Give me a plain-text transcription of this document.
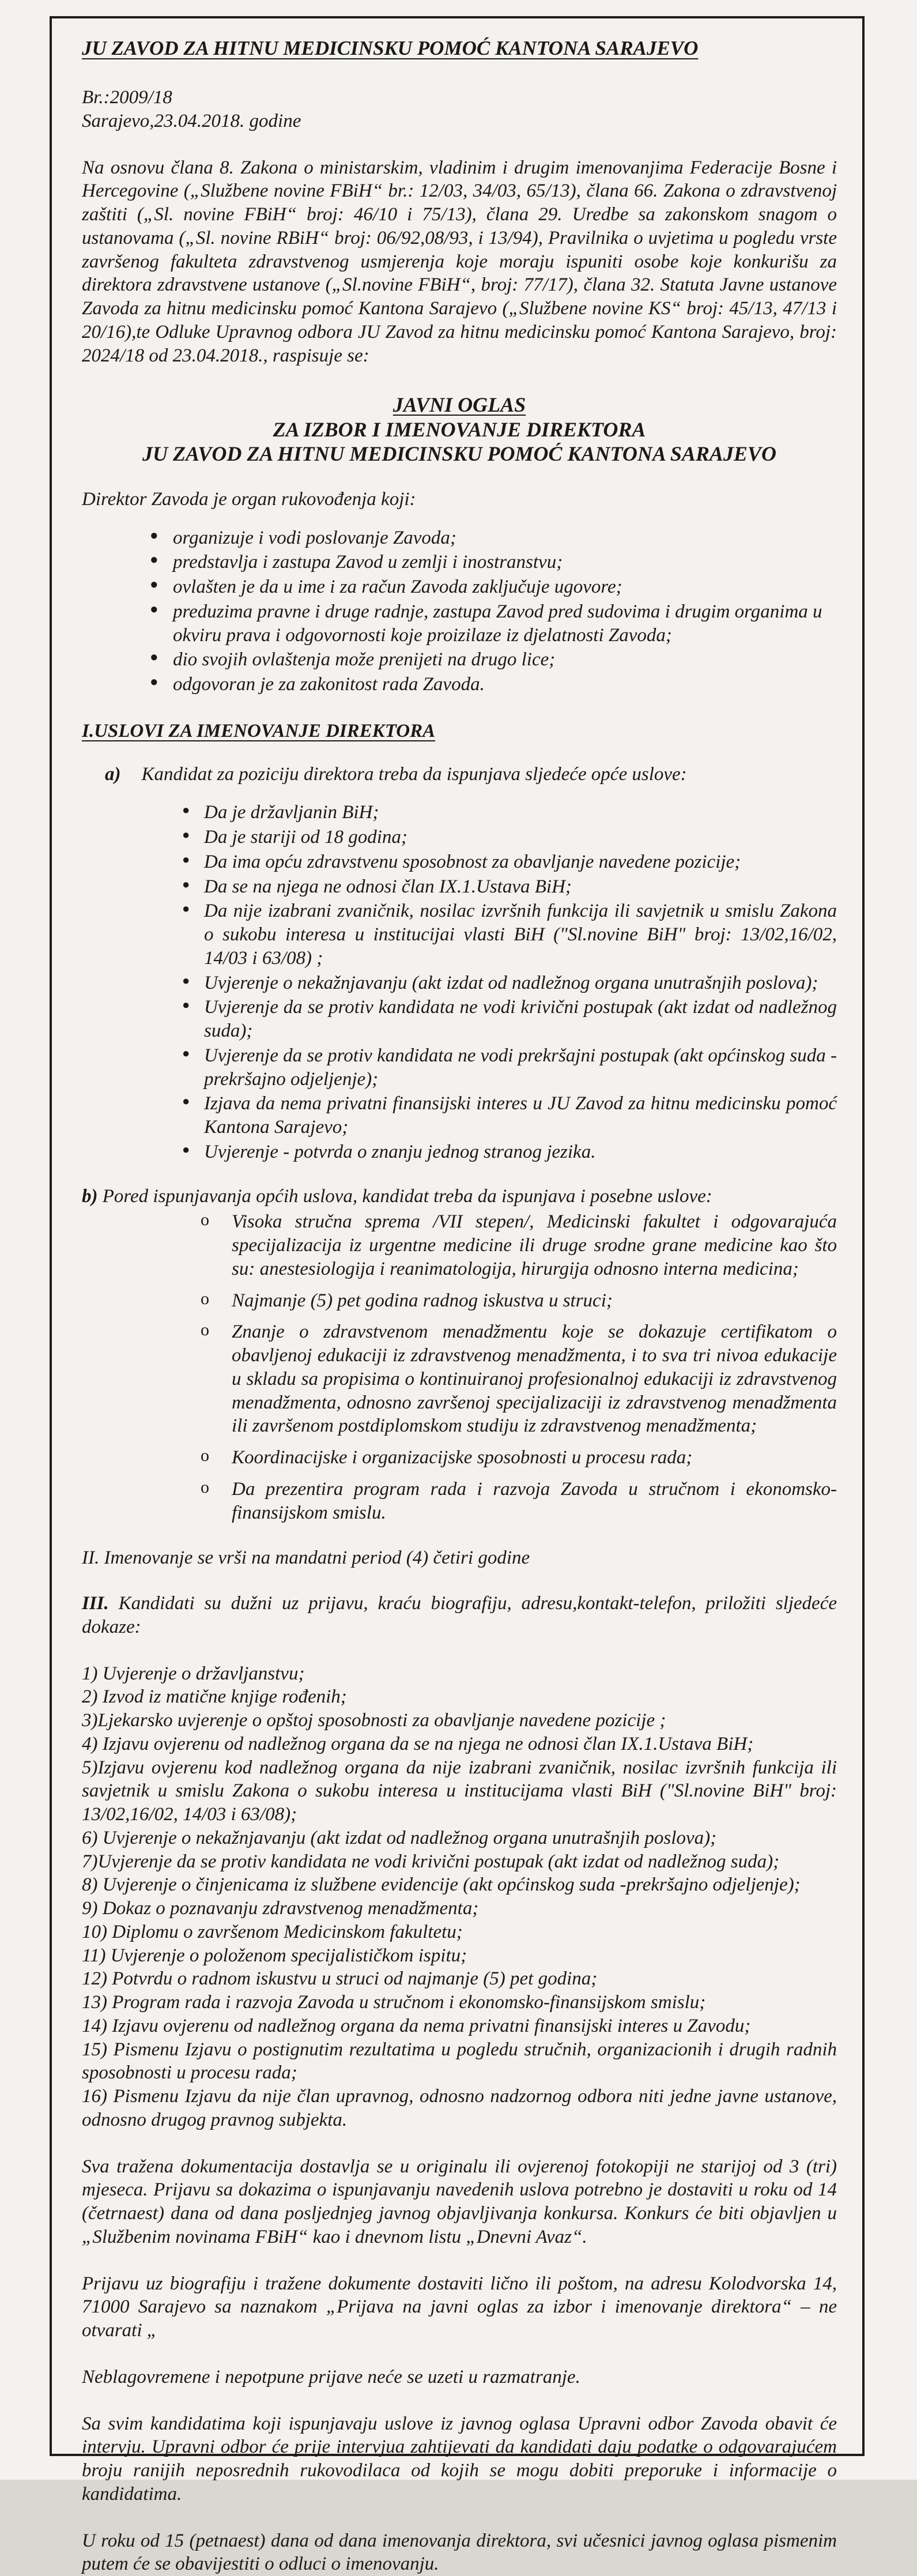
JU ZAVOD ZA HITNU MEDICINSKU POMOĆ KANTONA SARAJEVO

Br.:2009/18

Sarajevo,23.04.2018. godine

Na osnovu člana 8. Zakona o ministarskim, vladinim i drugim imenovanjima Federacije Bosne i Hercegovine („Službene novine FBiH“ br.: 12/03, 34/03, 65/13), člana 66. Zakona o zdravstvenoj zaštiti („Sl. novine FBiH“ broj: 46/10 i 75/13), člana 29. Uredbe sa zakonskom snagom o ustanovama („Sl. novine RBiH“ broj: 06/92,08/93, i 13/94), Pravilnika o uvjetima u pogledu vrste završenog fakulteta zdravstvenog usmjerenja koje moraju ispuniti osobe koje konkurišu za direktora zdravstvene ustanove („Sl.novine FBiH“, broj: 77/17), člana 32. Statuta Javne ustanove Zavoda za hitnu medicinsku pomoć Kantona Sarajevo („Službene novine KS“ broj: 45/13, 47/13 i 20/16),te Odluke Upravnog odbora JU Zavod za hitnu medicinsku pomoć Kantona Sarajevo, broj: 2024/18 od 23.04.2018., raspisuje se:

JAVNI OGLAS
ZA IZBOR I IMENOVANJE DIREKTORA
JU ZAVOD ZA HITNU MEDICINSKU POMOĆ KANTONA SARAJEVO

Direktor Zavoda je organ rukovođenja koji:

● organizuje i vodi poslovanje Zavoda;
● predstavlja i zastupa Zavod u zemlji i inostranstvu;
● ovlašten je da u ime i za račun Zavoda zaključuje ugovore;
● preduzima pravne i druge radnje, zastupa Zavod pred sudovima i drugim organima u okviru prava i odgovornosti koje proizilaze iz djelatnosti Zavoda;
● dio svojih ovlaštenja može prenijeti na drugo lice;
● odgovoran je za zakonitost rada Zavoda.

I.USLOVI ZA IMENOVANJE DIREKTORA

a) Kandidat za poziciju direktora treba da ispunjava sljedeće opće uslove:

● Da je državljanin BiH;
● Da je stariji od 18 godina;
● Da ima opću zdravstvenu sposobnost za obavljanje navedene pozicije;
● Da se na njega ne odnosi član IX.1.Ustava BiH;
● Da nije izabrani zvaničnik, nosilac izvršnih funkcija ili savjetnik u smislu Zakona o sukobu interesa u institucijai vlasti BiH ("Sl.novine BiH" broj: 13/02,16/02, 14/03 i 63/08) ;
● Uvjerenje o nekažnjavanju (akt izdat od nadležnog organa unutrašnjih poslova);
● Uvjerenje da se protiv kandidata ne vodi krivični postupak (akt izdat od nadležnog suda);
● Uvjerenje da se protiv kandidata ne vodi prekršajni postupak (akt općinskog suda - prekršajno odjeljenje);
● Izjava da nema privatni finansijski interes u JU Zavod za hitnu medicinsku pomoć Kantona Sarajevo;
● Uvjerenje - potvrda o znanju jednog stranog jezika.

b) Pored ispunjavanja općih uslova, kandidat treba da ispunjava i posebne uslove:

o Visoka stručna sprema /VII stepen/, Medicinski fakultet i odgovarajuća specijalizacija iz urgentne medicine ili druge srodne grane medicine kao što su: anestesiologija i reanimatologija, hirurgija odnosno interna medicina;
o Najmanje (5) pet godina radnog iskustva u struci;
o Znanje o zdravstvenom menadžmentu koje se dokazuje certifikatom o obavljenoj edukaciji iz zdravstvenog menadžmenta, i to sva tri nivoa edukacije u skladu sa propisima o kontinuiranoj profesionalnoj edukaciji iz zdravstvenog menadžmenta, odnosno završenoj specijalizaciji iz zdravstvenog menadžmenta ili završenom postdiplomskom studiju iz zdravstvenog menadžmenta;
o Koordinacijske i organizacijske sposobnosti u procesu rada;
o Da prezentira program rada i razvoja Zavoda u stručnom i ekonomsko- finansijskom smislu.

II. Imenovanje se vrši na mandatni period (4) četiri godine

III. Kandidati su dužni uz prijavu, kraću biografiju, adresu,kontakt-telefon, priložiti sljedeće dokaze:

1) Uvjerenje o državljanstvu;
2) Izvod iz matične knjige rođenih;
3)Ljekarsko uvjerenje o opštoj sposobnosti za obavljanje navedene pozicije ;
4) Izjavu ovjerenu od nadležnog organa da se na njega ne odnosi član IX.1.Ustava BiH;
5)Izjavu ovjerenu kod nadležnog organa da nije izabrani zvaničnik, nosilac izvršnih funkcija ili savjetnik u smislu Zakona o sukobu interesa u institucijama vlasti BiH ("Sl.novine BiH" broj: 13/02,16/02, 14/03 i 63/08);
6) Uvjerenje o nekažnjavanju (akt izdat od nadležnog organa unutrašnjih poslova);
7)Uvjerenje da se protiv kandidata ne vodi krivični postupak (akt izdat od nadležnog suda);
8) Uvjerenje o činjenicama iz službene evidencije (akt općinskog suda -prekršajno odjeljenje);
9) Dokaz o poznavanju zdravstvenog menadžmenta;
10) Diplomu o završenom Medicinskom fakultetu;
11) Uvjerenje o položenom specijalističkom ispitu;
12) Potvrdu o radnom iskustvu u struci od najmanje (5) pet godina;
13) Program rada i razvoja Zavoda u stručnom i ekonomsko-finansijskom smislu;
14) Izjavu ovjerenu od nadležnog organa da nema privatni finansijski interes u Zavodu;
15) Pismenu Izjavu o postignutim rezultatima u pogledu stručnih, organizacionih i drugih radnih sposobnosti u procesu rada;
16) Pismenu Izjavu da nije član upravnog, odnosno nadzornog odbora niti jedne javne ustanove, odnosno drugog pravnog subjekta.

Sva tražena dokumentacija dostavlja se u originalu ili ovjerenoj fotokopiji ne starijoj od 3 (tri) mjeseca. Prijavu sa dokazima o ispunjavanju navedenih uslova potrebno je dostaviti u roku od 14 (četrnaest) dana od dana posljednjeg javnog objavljivanja konkursa. Konkurs će biti objavljen u „Službenim novinama FBiH“ kao i dnevnom listu „Dnevni Avaz“.

Prijavu uz biografiju i tražene dokumente dostaviti lično ili poštom, na adresu Kolodvorska 14, 71000 Sarajevo sa naznakom „Prijava na javni oglas za izbor i imenovanje direktora“ – ne otvarati „

Neblagovremene i nepotpune prijave neće se uzeti u razmatranje.

Sa svim kandidatima koji ispunjavaju uslove iz javnog oglasa Upravni odbor Zavoda obavit će intervju. Upravni odbor će prije intervjua zahtijevati da kandidati daju podatke o odgovarajućem broju ranijih neposrednih rukovodilaca od kojih se mogu dobiti preporuke i informacije o kandidatima.

U roku od 15 (petnaest) dana od dana imenovanja direktora, svi učesnici javnog oglasa pismenim putem će se obavijestiti o odluci o imenovanju.
